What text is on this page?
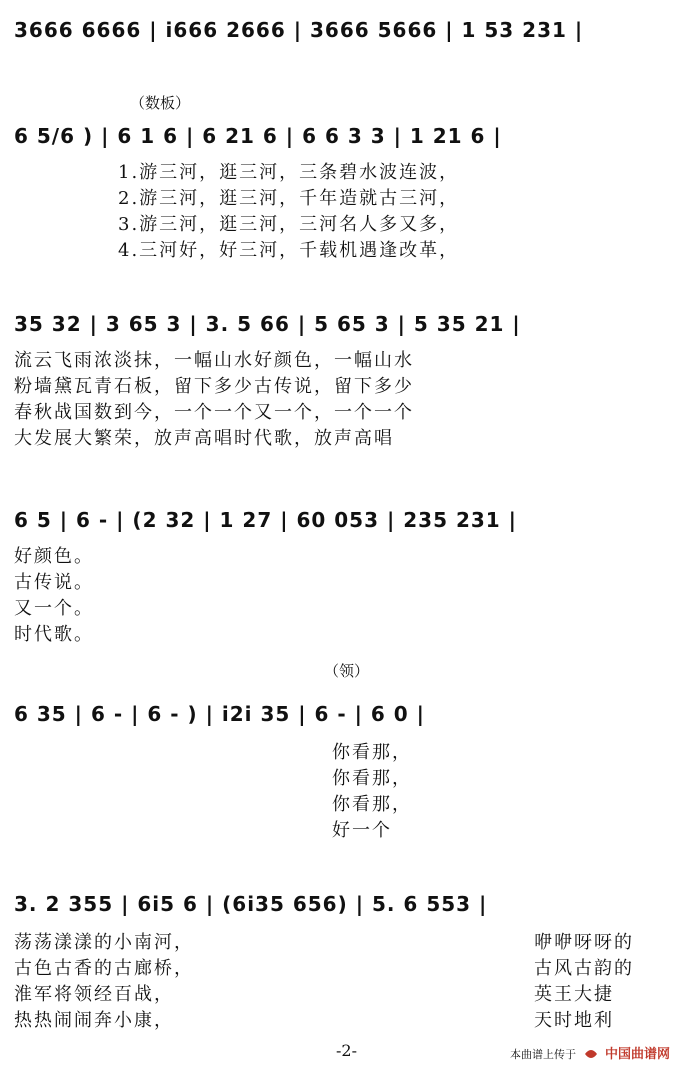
3666 6666 | i666 2666 | 3666 5666 | 1 53 231 |
（数板）
6 5/6 ) | 6 1 6 | 6 21 6 | 6 6 3 3 | 1 21 6 |
1.游三河，逛三河，三条碧水波连波，
2.游三河，逛三河，千年造就古三河，
3.游三河，逛三河，三河名人多又多，
4.三河好，好三河，千载机遇逢改革，
35 32 | 3 65 3 | 3. 5 66 | 5 65 3 | 5 35 21 |
流云飞雨浓淡抹，一幅山水好颜色，一幅山水
粉墙黛瓦青石板，留下多少古传说，留下多少
春秋战国数到今，一个一个又一个，一个一个
大发展大繁荣，放声高唱时代歌，放声高唱
6 5 | 6 - | (2 32 | 1 27 | 60 053 | 235 231 |
好颜色。
古传说。
又一个。
时代歌。
（领）
6 35 | 6 - | 6 - ) | i2i 35 | 6 - | 6 0 |
你看那，
你看那，
你看那，
好一个
3. 2 355 | 6i5 6 | (6i35 656) | 5. 6 553 |
荡荡漾漾的小南河，
古色古香的古廊桥，
淮军将领经百战，
热热闹闹奔小康，
咿咿呀呀的
古风古韵的
英王大捷
天时地利
-2-	本曲谱上传于 中国曲谱网
